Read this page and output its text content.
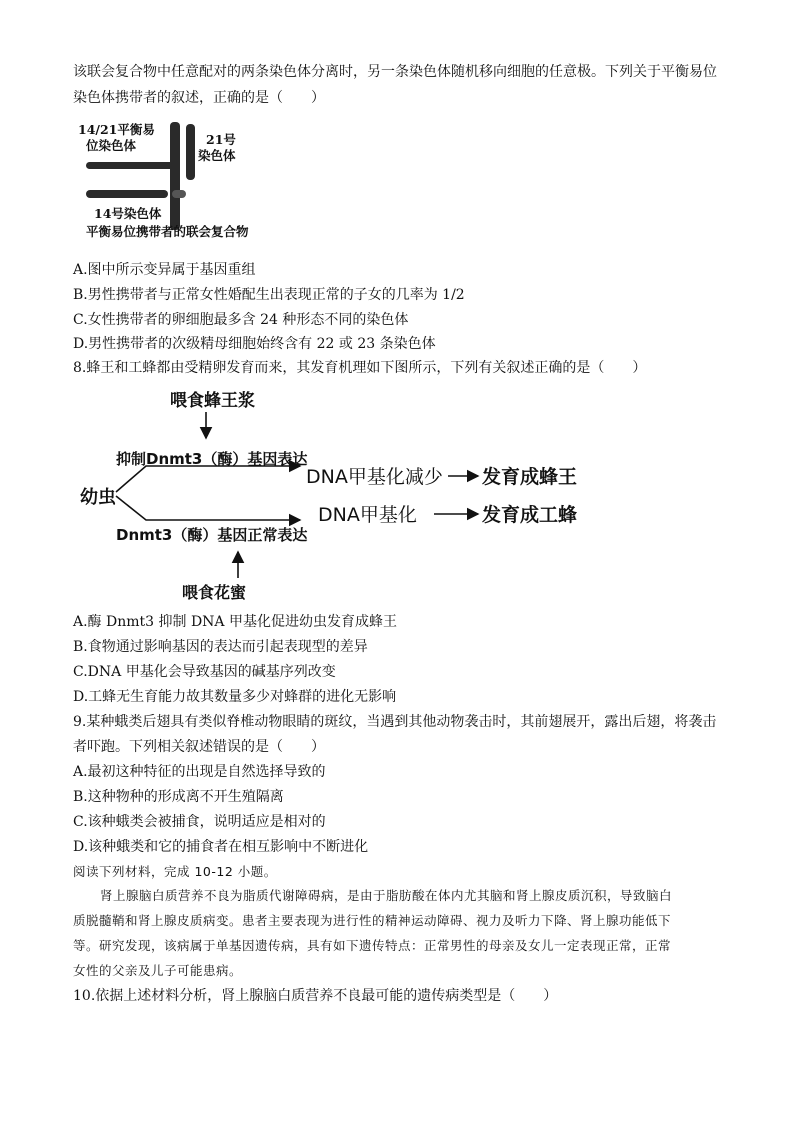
该联会复合物中任意配对的两条染色体分离时，另一条染色体随机移向细胞的任意极。下列关于平衡易位
染色体携带者的叙述，正确的是（　　）
14/21平衡易
位染色体	21号
染色体
14号染色体
平衡易位携带者的联会复合物
A.图中所示变异属于基因重组
B.男性携带者与正常女性婚配生出表现正常的子女的几率为 1/2
C.女性携带者的卵细胞最多含 24 种形态不同的染色体
D.男性携带者的次级精母细胞始终含有 22 或 23 条染色体
8.蜂王和工蜂都由受精卵发育而来，其发育机理如下图所示，下列有关叙述正确的是（　　）
喂食蜂王浆
抑制Dnmt3（酶）基因表达
幼虫
DNA甲基化减少 发育成蜂王
DNA甲基化	发育成工蜂
Dnmt3（酶）基因正常表达
喂食花蜜
A.酶 Dnmt3 抑制 DNA 甲基化促进幼虫发育成蜂王
B.食物通过影响基因的表达而引起表现型的差异
C.DNA 甲基化会导致基因的碱基序列改变
D.工蜂无生育能力故其数量多少对蜂群的进化无影响
9.某种蛾类后翅具有类似脊椎动物眼睛的斑纹，当遇到其他动物袭击时，其前翅展开，露出后翅，将袭击
者吓跑。下列相关叙述错误的是（　　）
A.最初这种特征的出现是自然选择导致的
B.这种物种的形成离不开生殖隔离
C.该种蛾类会被捕食，说明适应是相对的
D.该种蛾类和它的捕食者在相互影响中不断进化
阅读下列材料，完成 10-12 小题。
肾上腺脑白质营养不良为脂质代谢障碍病，是由于脂肪酸在体内尤其脑和肾上腺皮质沉积，导致脑白
质脱髓鞘和肾上腺皮质病变。患者主要表现为进行性的精神运动障碍、视力及听力下降、肾上腺功能低下
等。研究发现，该病属于单基因遗传病，具有如下遗传特点：正常男性的母亲及女儿一定表现正常，正常
女性的父亲及儿子可能患病。
10.依据上述材料分析，肾上腺脑白质营养不良最可能的遗传病类型是（　　）
